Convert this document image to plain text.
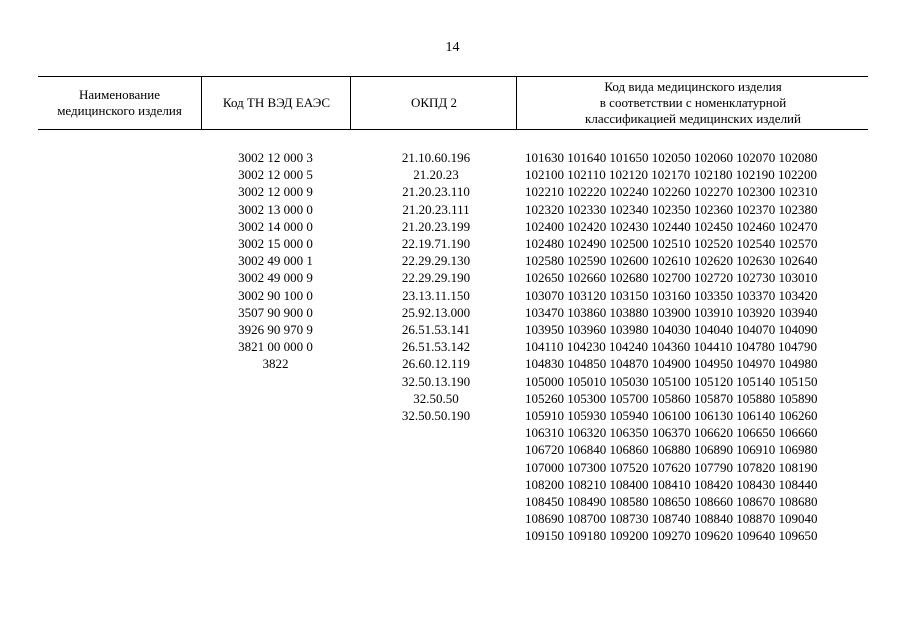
14
Наименование
медицинского изделия
Код ТН ВЭД ЕАЭС	ОКПД 2
Код вида медицинского изделия
в соответствии с номенклатурной
классификацией медицинских изделий
3002 12 000 3
3002 12 000 5
3002 12 000 9
3002 13 000 0
3002 14 000 0
3002 15 000 0
3002 49 000 1
3002 49 000 9
3002 90 100 0
3507 90 900 0
3926 90 970 9
3821 00 000 0
3822
21.10.60.196
21.20.23
21.20.23.110
21.20.23.111
21.20.23.199
22.19.71.190
22.29.29.130
22.29.29.190
23.13.11.150
25.92.13.000
26.51.53.141
26.51.53.142
26.60.12.119
32.50.13.190
32.50.50
32.50.50.190
101630 101640 101650 102050 102060 102070 102080
102100 102110 102120 102170 102180 102190 102200
102210 102220 102240 102260 102270 102300 102310
102320 102330 102340 102350 102360 102370 102380
102400 102420 102430 102440 102450 102460 102470
102480 102490 102500 102510 102520 102540 102570
102580 102590 102600 102610 102620 102630 102640
102650 102660 102680 102700 102720 102730 103010
103070 103120 103150 103160 103350 103370 103420
103470 103860 103880 103900 103910 103920 103940
103950 103960 103980 104030 104040 104070 104090
104110 104230 104240 104360 104410 104780 104790
104830 104850 104870 104900 104950 104970 104980
105000 105010 105030 105100 105120 105140 105150
105260 105300 105700 105860 105870 105880 105890
105910 105930 105940 106100 106130 106140 106260
106310 106320 106350 106370 106620 106650 106660
106720 106840 106860 106880 106890 106910 106980
107000 107300 107520 107620 107790 107820 108190
108200 108210 108400 108410 108420 108430 108440
108450 108490 108580 108650 108660 108670 108680
108690 108700 108730 108740 108840 108870 109040
109150 109180 109200 109270 109620 109640 109650
